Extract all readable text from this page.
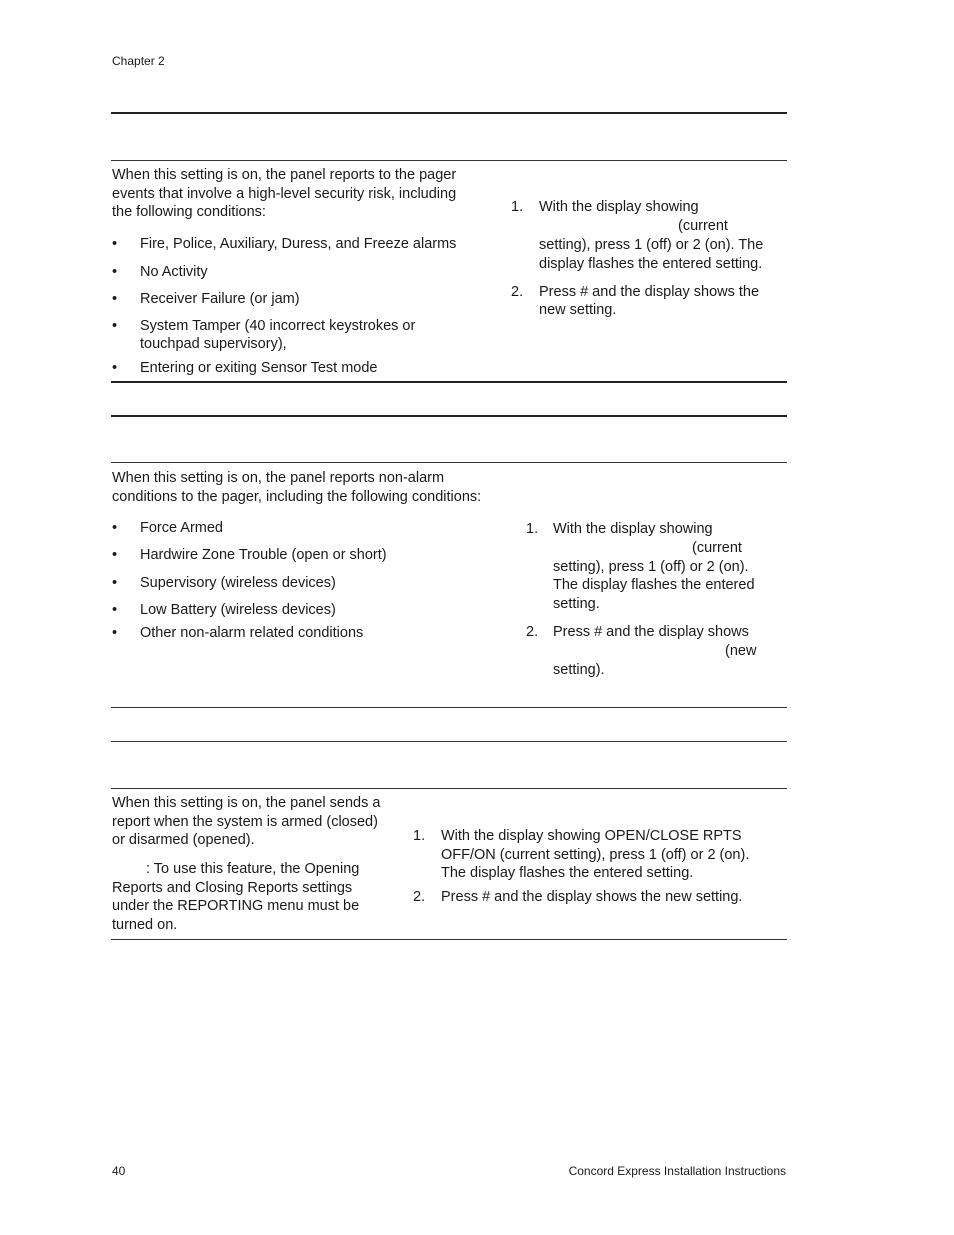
Chapter 2
When this setting is on, the panel reports to the pager
events that involve a high-level security risk, including
the following conditions:
• Fire, Police, Auxiliary, Duress, and Freeze alarms
• No Activity
• Receiver Failure (or jam)
• System Tamper (40 incorrect keystrokes or
touchpad supervisory),
• Entering or exiting Sensor Test mode
1. With the display showing
(current
setting), press 1 (off) or 2 (on). The
display flashes the entered setting.
2. Press # and the display shows the
new setting.
When this setting is on, the panel reports non-alarm
conditions to the pager, including the following conditions:
• Force Armed
• Hardwire Zone Trouble (open or short)
• Supervisory (wireless devices)
• Low Battery (wireless devices)
• Other non-alarm related conditions
1. With the display showing
(current
setting), press 1 (off) or 2 (on).
The display flashes the entered
setting.
2. Press # and the display shows
(new
setting).
When this setting is on, the panel sends a
report when the system is armed (closed)
or disarmed (opened).
: To use this feature, the Opening
Reports and Closing Reports settings
under the REPORTING menu must be
turned on.
1. With the display showing OPEN/CLOSE RPTS
OFF/ON (current setting), press 1 (off) or 2 (on).
The display flashes the entered setting.
2. Press # and the display shows the new setting.
40	Concord Express Installation Instructions
